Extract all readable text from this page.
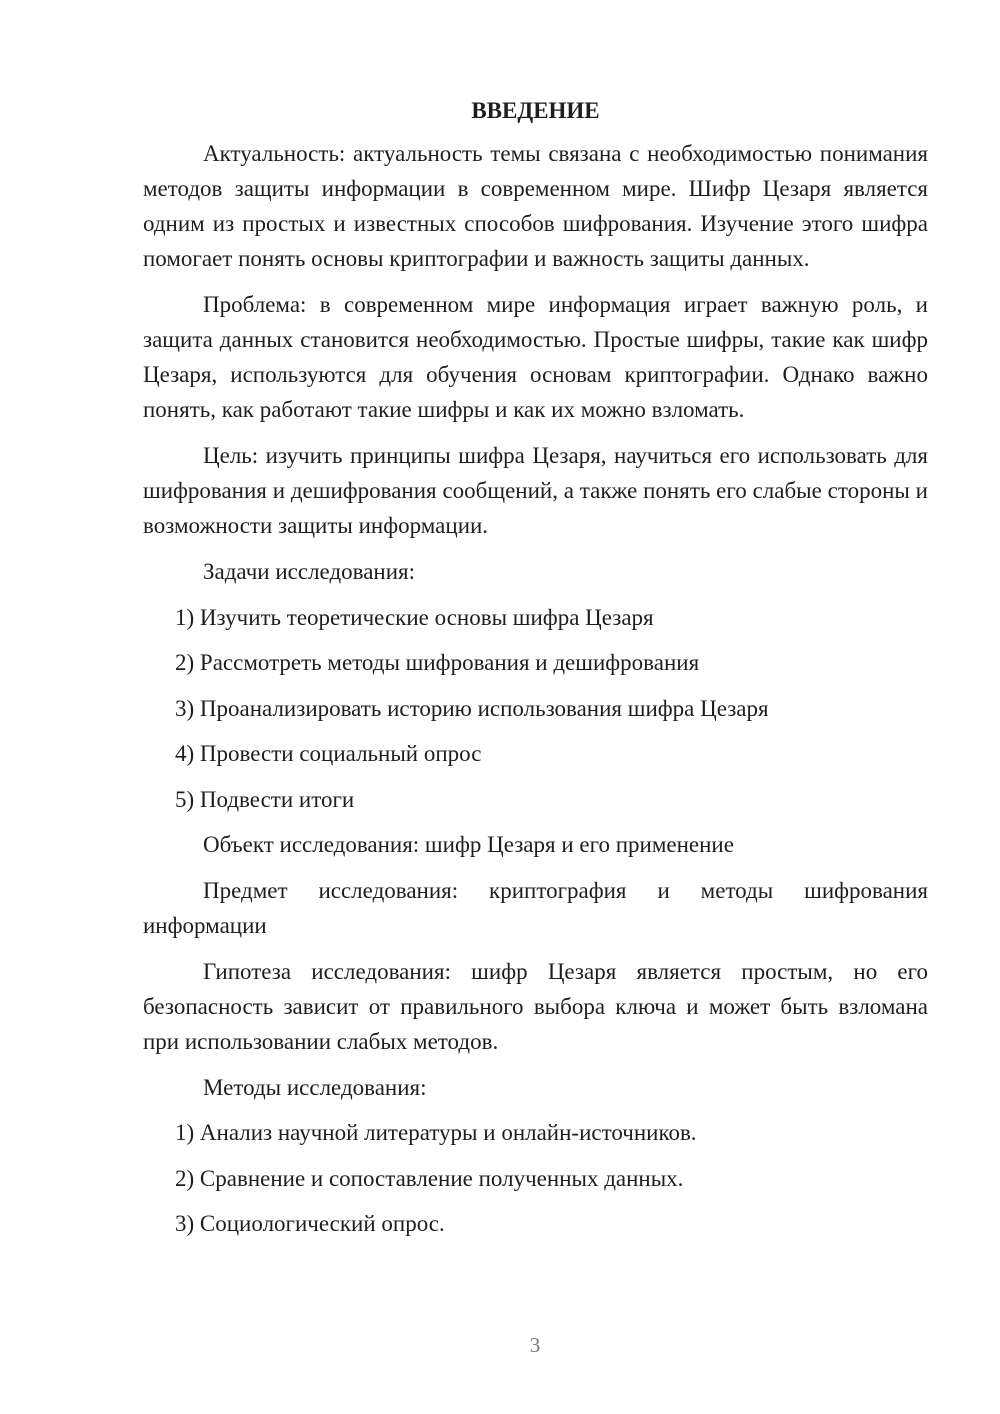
ВВЕДЕНИЕ

Актуальность: актуальность темы связана с необходимостью понимания методов защиты информации в современном мире. Шифр Цезаря является одним из простых и известных способов шифрования. Изучение этого шифра помогает понять основы криптографии и важность защиты данных.

Проблема: в современном мире информация играет важную роль, и защита данных становится необходимостью. Простые шифры, такие как шифр Цезаря, используются для обучения основам криптографии. Однако важно понять, как работают такие шифры и как их можно взломать.

Цель: изучить принципы шифра Цезаря, научиться его использовать для шифрования и дешифрования сообщений, а также понять его слабые стороны и возможности защиты информации.

Задачи исследования:
1) Изучить теоретические основы шифра Цезаря
2) Рассмотреть методы шифрования и дешифрования
3) Проанализировать историю использования шифра Цезаря
4) Провести социальный опрос
5) Подвести итоги
Объект исследования: шифр Цезаря и его применение

Предмет исследования: криптография и методы шифрования информации

Гипотеза исследования: шифр Цезаря является простым, но его безопасность зависит от правильного выбора ключа и может быть взломана при использовании слабых методов.

Методы исследования:
1) Анализ научной литературы и онлайн-источников.
2) Сравнение и сопоставление полученных данных.
3) Социологический опрос.
3
